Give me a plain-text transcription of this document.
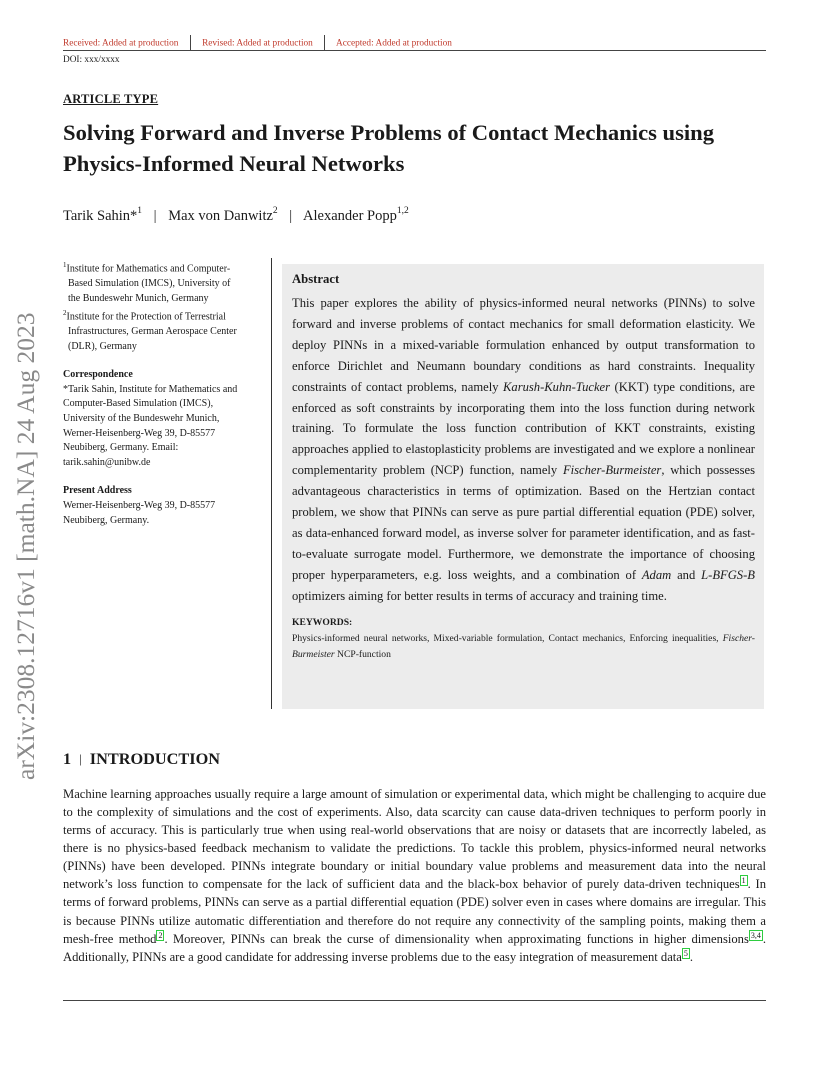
Received: Added at production	Revised: Added at production Accepted: Added at production
DOI: xxx/xxxx
ARTICLE TYPE
Solving Forward and Inverse Problems of Contact Mechanics using Physics-Informed Neural Networks
Tarik Sahin*$^1$ | Max von Danwitz$^2$ | Alexander Popp$^{1,2}$
$^1$Institute for Mathematics and Computer-
Based Simulation (IMCS), University of
the Bundeswehr Munich, Germany
$^2$Institute for the Protection of Terrestrial
Infrastructures, German Aerospace Center
(DLR), Germany
Correspondence
*Tarik Sahin, Institute for Mathematics and
Computer-Based Simulation (IMCS),
University of the Bundeswehr Munich,
Werner-Heisenberg-Weg 39, D-85577
Neubiberg, Germany. Email:
tarik.sahin@unibw.de
Present Address
Werner-Heisenberg-Weg 39, D-85577
Neubiberg, Germany.
Abstract
This paper explores the ability of physics-informed neural networks (PINNs) to solve forward and inverse problems of contact mechanics for small deformation elasticity. We deploy PINNs in a mixed-variable formulation enhanced by output transformation to enforce Dirichlet and Neumann boundary conditions as hard constraints. Inequality constraints of contact problems, namely Karush-Kuhn-Tucker (KKT) type conditions, are enforced as soft constraints by incorporating them into the loss function during network training. To formulate the loss function contribution of KKT constraints, existing approaches applied to elastoplasticity problems are investigated and we explore a nonlinear complementarity problem (NCP) function, namely Fischer-Burmeister, which possesses advantageous characteristics in terms of optimization. Based on the Hertzian contact problem, we show that PINNs can serve as pure partial differential equation (PDE) solver, as data-enhanced forward model, as inverse solver for parameter identification, and as fast-to-evaluate surrogate model. Furthermore, we demonstrate the importance of choosing proper hyperparameters, e.g. loss weights, and a combination of Adam and L-BFGS-B optimizers aiming for better results in terms of accuracy and training time.
KEYWORDS:
Physics-informed neural networks, Mixed-variable formulation, Contact mechanics, Enforcing inequalities, Fischer-Burmeister NCP-function
1 | INTRODUCTION
Machine learning approaches usually require a large amount of simulation or experimental data, which might be challenging to acquire due to the complexity of simulations and the cost of experiments. Also, data scarcity can cause data-driven techniques to perform poorly in terms of accuracy. This is particularly true when using real-world observations that are noisy or datasets that are incorrectly labeled, as there is no physics-based feedback mechanism to validate the predictions. To tackle this problem, physics-informed neural networks (PINNs) have been developed. PINNs integrate boundary or initial boundary value problems and measurement data into the neural network’s loss function to compensate for the lack of sufficient data and the black-box behavior of purely data-driven techniques 1 . In terms of forward problems, PINNs can serve as a partial differential equation (PDE) solver even in cases where domains are irregular. This is because PINNs utilize automatic differentiation and therefore do not require any connectivity of the sampling points, making them a mesh-free method 2 . Moreover, PINNs can break the curse of dimensionality when approximating functions in higher dimensions 3,4 . Additionally, PINNs are a good candidate for addressing inverse problems due to the easy integration of measurement data 5 .
arXiv:2308.12716v1 [math.NA] 24 Aug 2023
